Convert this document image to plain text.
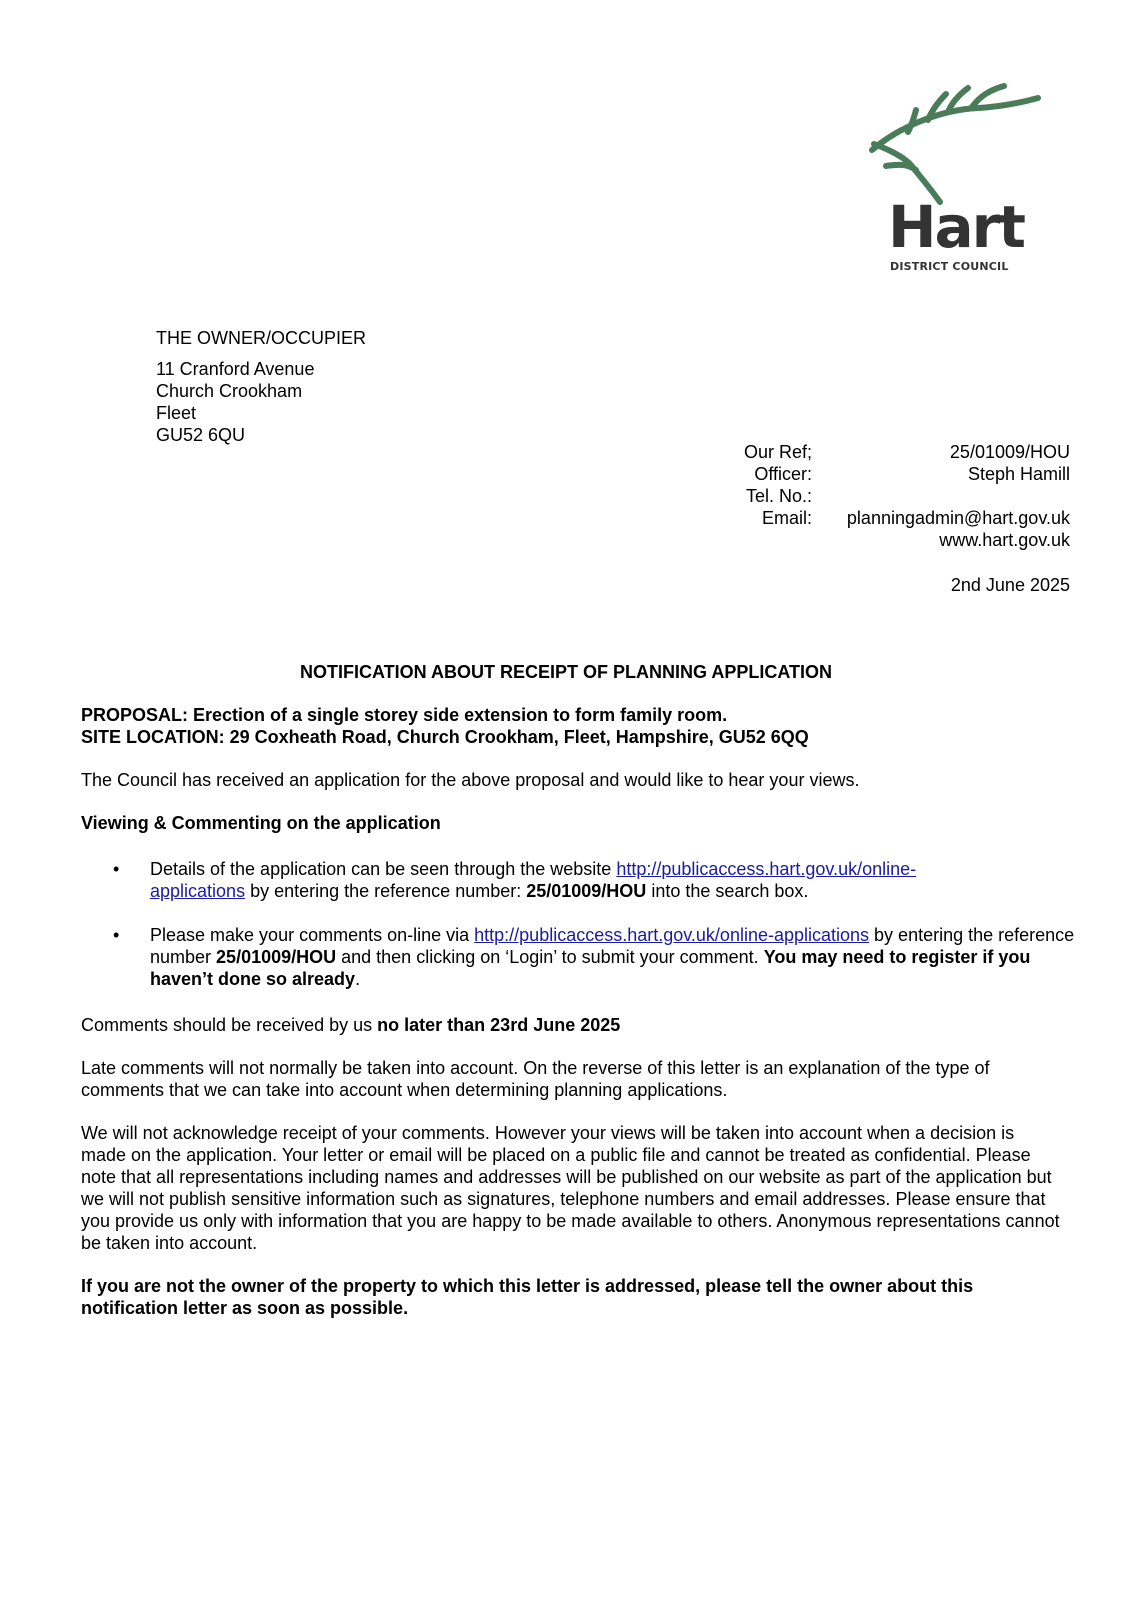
Hart
DISTRICT COUNCIL
THE OWNER/OCCUPIER
11 Cranford Avenue
Church Crookham
Fleet
GU52 6QU
Our Ref;	25/01009/HOU
Officer:	Steph Hamill
Tel. No.:
Email: planningadmin@hart.gov.uk
www.hart.gov.uk
2nd June 2025
NOTIFICATION ABOUT RECEIPT OF PLANNING APPLICATION
PROPOSAL: Erection of a single storey side extension to form family room.
SITE LOCATION: 29 Coxheath Road, Church Crookham, Fleet, Hampshire, GU52 6QQ
The Council has received an application for the above proposal and would like to hear your views.
Viewing & Commenting on the application
• Details of the application can be seen through the website http://publicaccess.hart.gov.uk/online-
applications by entering the reference number: 25/01009/HOU into the search box.
• Please make your comments on-line via http://publicaccess.hart.gov.uk/online-applications by entering the reference number 25/01009/HOU and then clicking on ‘Login’ to submit your comment. You may need to register if you haven’t done so already.
Comments should be received by us no later than 23rd June 2025
Late comments will not normally be taken into account. On the reverse of this letter is an explanation of the type of comments that we can take into account when determining planning applications.
We will not acknowledge receipt of your comments. However your views will be taken into account when a decision is made on the application. Your letter or email will be placed on a public file and cannot be treated as confidential. Please note that all representations including names and addresses will be published on our website as part of the application but we will not publish sensitive information such as signatures, telephone numbers and email addresses. Please ensure that you provide us only with information that you are happy to be made available to others. Anonymous representations cannot be taken into account.
If you are not the owner of the property to which this letter is addressed, please tell the owner about this notification letter as soon as possible.
